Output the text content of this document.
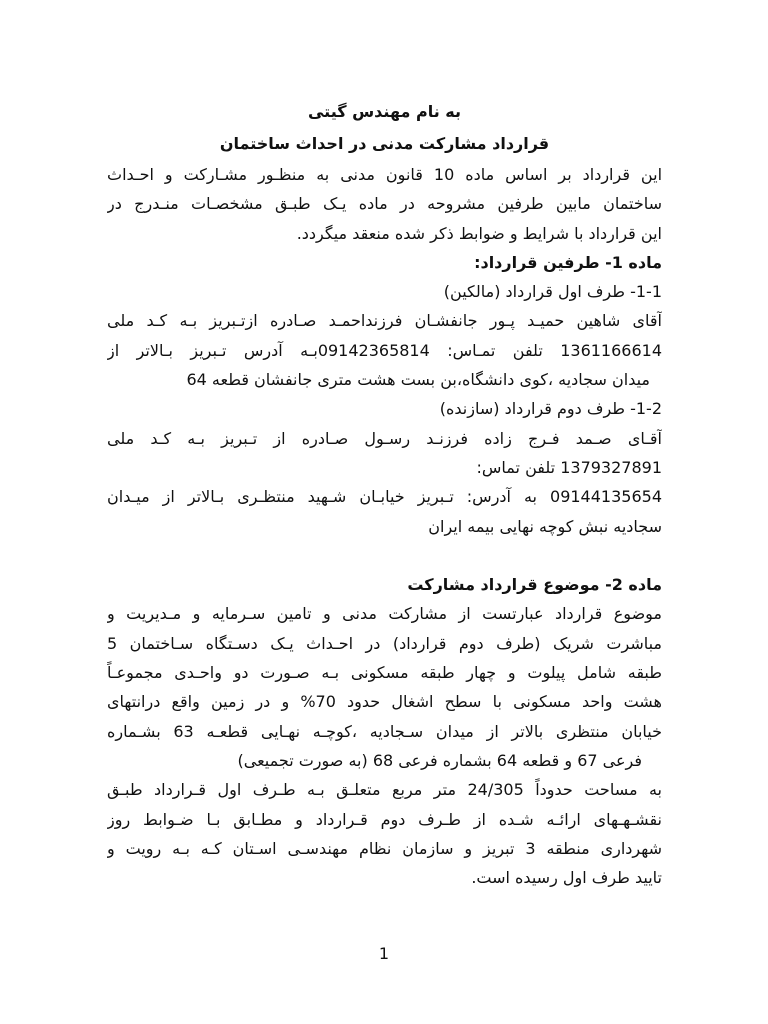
به نام مهندس گیتی
قرارداد مشارکت مدنی در احداث ساختمان
این قرارداد بر اساس ماده 10 قانون مدنی به منظـور مشـارکت و احـداث
ساختمان مابین طرفین مشروحه در ماده یـک طبـق مشخصـات منـدرج در
این قرارداد با شرایط و ضوابط ذکر شده منعقد میگردد.
ماده 1- طرفین قرارداد:
1-1- طرف اول قرارداد (مالکین)
آقای شاهین حمیـد پـور جانفشـان فرزنداحمـد صـادره ازتـبریز بـه کـد ملی
1361166614 تلفن تمـاس: 09142365814بـه آدرس تـبریز بـالاتر از
میدان سجادیه ،کوی دانشگاه،بن بست هشت متری جانفشان قطعه 64
1-2- طرف دوم قرارداد (سازنده)
آقـای صـمد فـرج زاده فرزنـد رسـول صـادره از تـبریز بـه کـد ملی
1379327891 تلفن تماس:
09144135654 به آدرس: تـبریز خیابـان شـهید منتظـری بـالاتر از میـدان
سجادیه نبش کوچه نهایی بیمه ایران
ماده 2- موضوع قرارداد مشارکت
موضوع قرارداد عبارتست از مشارکت مدنی و تامین سـرمایه و مـدیریت و
مباشرت شریک (طرف دوم قرارداد) در احـداث یـک دسـتگاه سـاختمان 5
طبقه شامل پیلوت و چهار طبقه مسکونی بـه صـورت دو واحـدی مجموعـاً
هشت واحد مسکونی با سطح اشغال حدود 70% و در زمین واقع درانتهای
خیابان منتظری بالاتر از میدان سـجادیه ،کوچـه نهـایی قطعـه 63 بشـماره
فرعی 67 و قطعه 64 بشماره فرعی 68 (به صورت تجمیعی)
به مساحت حدوداً 24/305 متر مربع متعلـق بـه طـرف اول قـرارداد طبـق
نقشـهـهای ارائـه شـده از طـرف دوم قـرارداد و مطـابق بـا ضـوابط روز
شهرداری منطقه 3 تبریز و سازمان نظام مهندسـی اسـتان کـه بـه رویت و
تایید طرف اول رسیده است.
1
